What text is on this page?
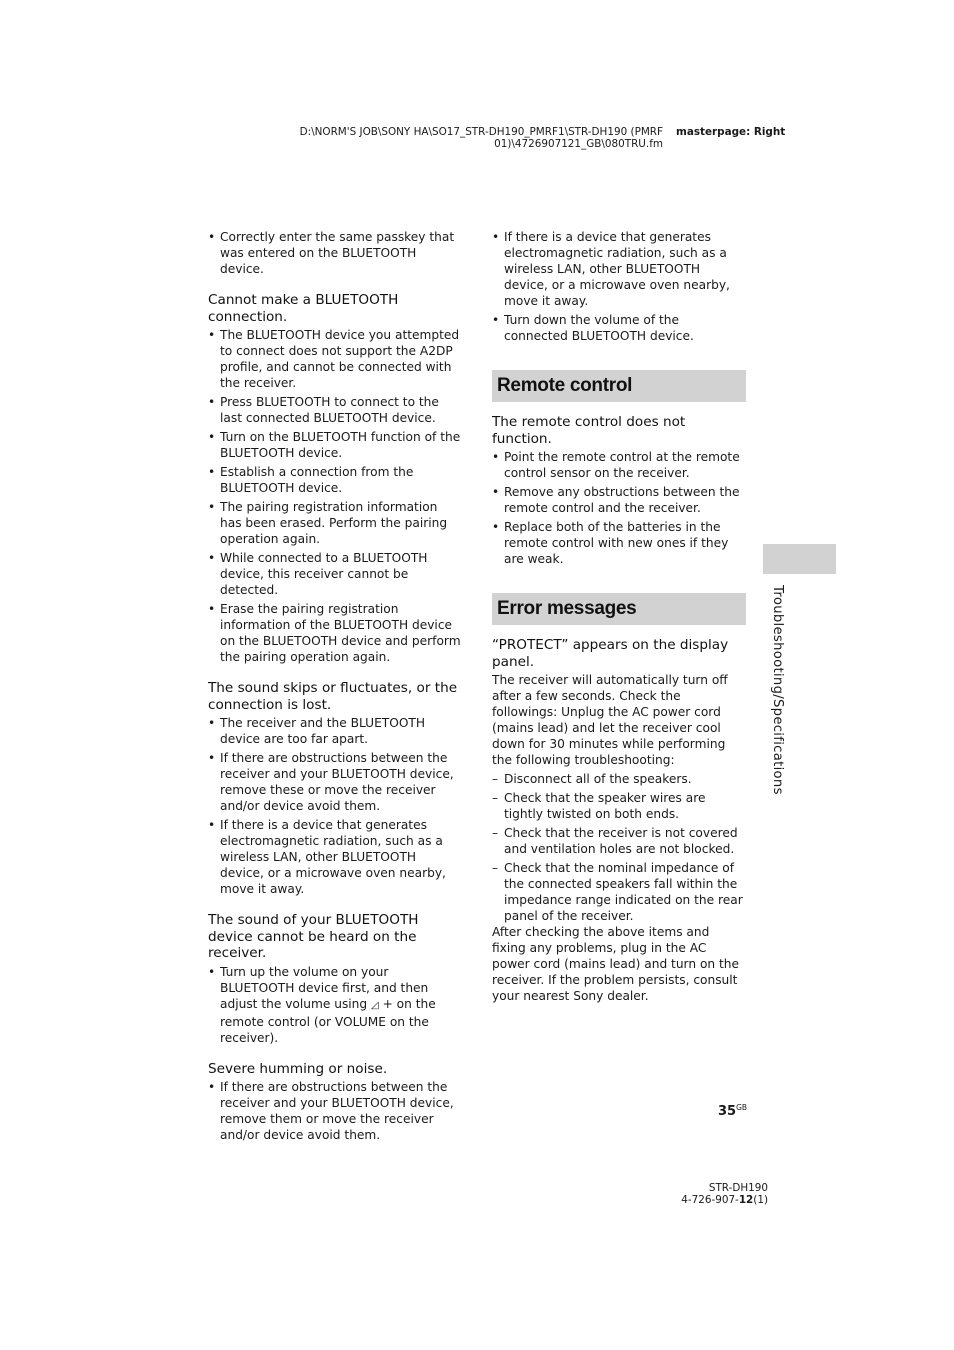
D:\NORM'S JOB\SONY HA\SO17_STR-DH190_PMRF1\STR-DH190 (PMRF
01)\4726907121_GB\080TRU.fm
masterpage: Right
• Correctly enter the same passkey that was entered on the BLUETOOTH device.
Cannot make a BLUETOOTH connection.
• The BLUETOOTH device you attempted to connect does not support the A2DP profile, and cannot be connected with the receiver.
• Press BLUETOOTH to connect to the last connected BLUETOOTH device.
• Turn on the BLUETOOTH function of the BLUETOOTH device.
• Establish a connection from the BLUETOOTH device.
• The pairing registration information has been erased. Perform the pairing operation again.
• While connected to a BLUETOOTH device, this receiver cannot be detected.
• Erase the pairing registration information of the BLUETOOTH device on the BLUETOOTH device and perform the pairing operation again.
The sound skips or fluctuates, or the connection is lost.
• The receiver and the BLUETOOTH device are too far apart.
• If there are obstructions between the receiver and your BLUETOOTH device, remove these or move the receiver and/or device avoid them.
• If there is a device that generates electromagnetic radiation, such as a wireless LAN, other BLUETOOTH device, or a microwave oven nearby, move it away.
The sound of your BLUETOOTH device cannot be heard on the receiver.
• Turn up the volume on your BLUETOOTH device first, and then adjust the volume using ◿ + on the remote control (or VOLUME on the receiver).
Severe humming or noise.
• If there are obstructions between the receiver and your BLUETOOTH device, remove them or move the receiver and/or device avoid them.
• If there is a device that generates electromagnetic radiation, such as a wireless LAN, other BLUETOOTH device, or a microwave oven nearby, move it away.
• Turn down the volume of the connected BLUETOOTH device.
Remote control
The remote control does not function.
• Point the remote control at the remote control sensor on the receiver.
• Remove any obstructions between the remote control and the receiver.
• Replace both of the batteries in the remote control with new ones if they are weak.
Error messages
“PROTECT” appears on the display panel.

The receiver will automatically turn off after a few seconds. Check the followings: Unplug the AC power cord (mains lead) and let the receiver cool down for 30 minutes while performing the following troubleshooting:

– Disconnect all of the speakers.
– Check that the speaker wires are tightly twisted on both ends.
– Check that the receiver is not covered and ventilation holes are not blocked.
– Check that the nominal impedance of the connected speakers fall within the impedance range indicated on the rear panel of the receiver.

After checking the above items and fixing any problems, plug in the AC power cord (mains lead) and turn on the receiver. If the problem persists, consult your nearest Sony dealer.

Troubleshooting/Specifications
$35^{GB}$
STR-DH190
4-726-907-12(1)
